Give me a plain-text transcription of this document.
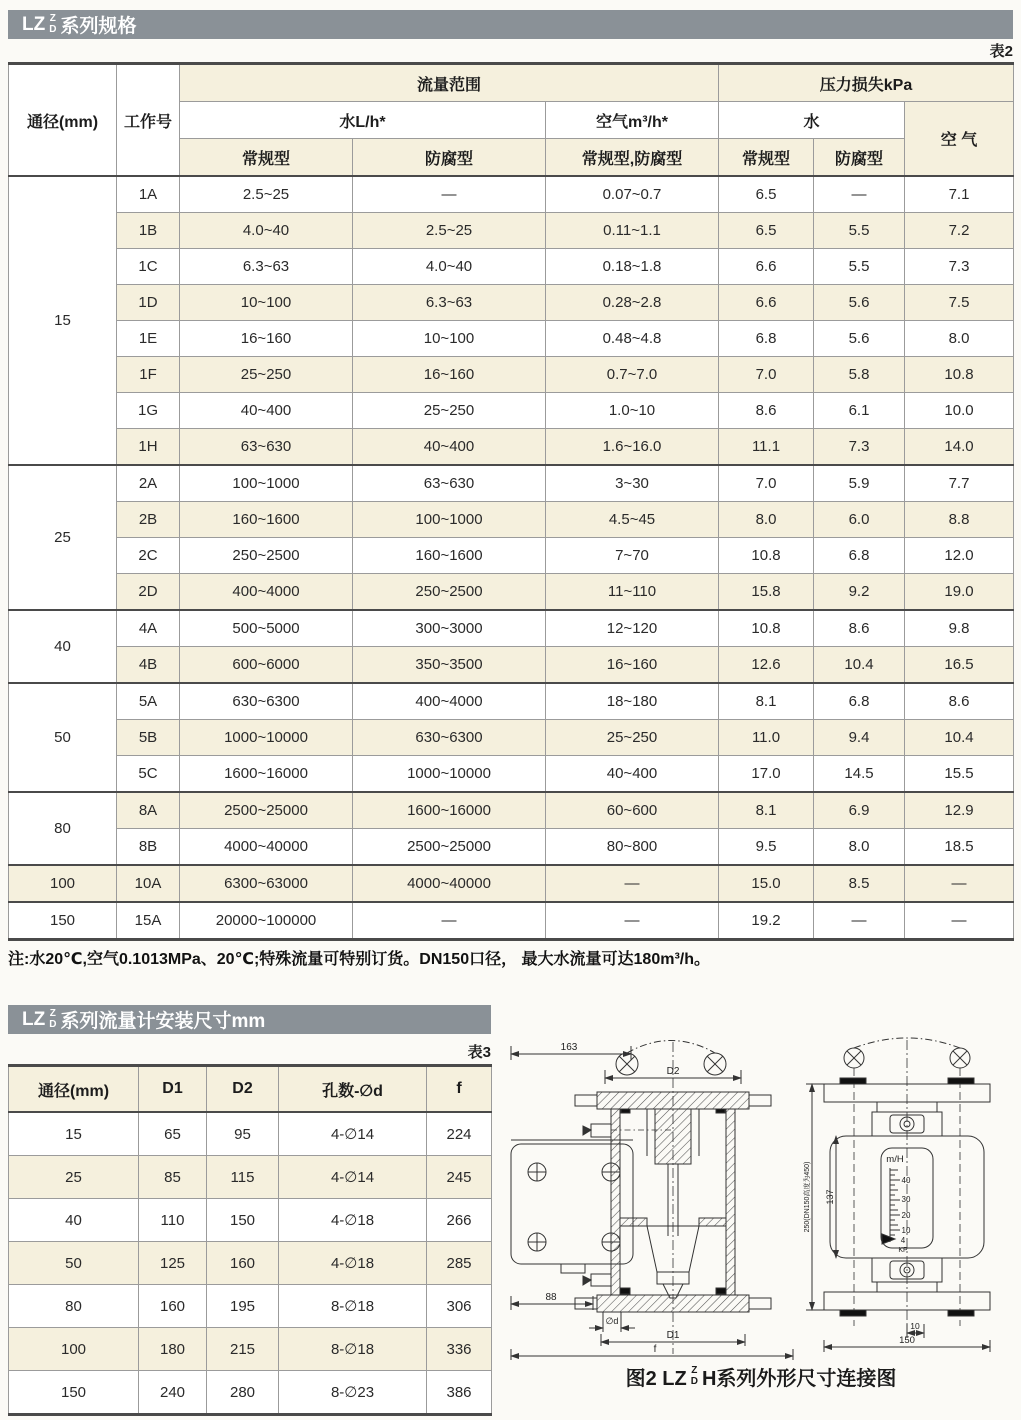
LZ Z
D 系列规格
表2
通径(mm)	工作号	流量范围			压力损失kPa		
		水L/h*		空气m³/h*	水		空 气
		常规型	防腐型	常规型,防腐型	常规型	防腐型	
15	1A	2.5~25	—	0.07~0.7	6.5	—	7.1
	1B	4.0~40	2.5~25	0.11~1.1	6.5	5.5	7.2
	1C	6.3~63	4.0~40	0.18~1.8	6.6	5.5	7.3
	1D	10~100	6.3~63	0.28~2.8	6.6	5.6	7.5
	1E	16~160	10~100	0.48~4.8	6.8	5.6	8.0
	1F	25~250	16~160	0.7~7.0	7.0	5.8	10.8
	1G	40~400	25~250	1.0~10	8.6	6.1	10.0
	1H	63~630	40~400	1.6~16.0	11.1	7.3	14.0
25	2A	100~1000	63~630	3~30	7.0	5.9	7.7
	2B	160~1600	100~1000	4.5~45	8.0	6.0	8.8
	2C	250~2500	160~1600	7~70	10.8	6.8	12.0
	2D	400~4000	250~2500	11~110	15.8	9.2	19.0
40	4A	500~5000	300~3000	12~120	10.8	8.6	9.8
	4B	600~6000	350~3500	16~160	12.6	10.4	16.5
50	5A	630~6300	400~4000	18~180	8.1	6.8	8.6
	5B	1000~10000	630~6300	25~250	11.0	9.4	10.4
	5C	1600~16000	1000~10000	40~400	17.0	14.5	15.5
80	8A	2500~25000	1600~16000	60~600	8.1	6.9	12.9
	8B	4000~40000	2500~25000	80~800	9.5	8.0	18.5
100	10A	6300~63000	4000~40000	—	15.0	8.5	—
150	15A	20000~100000	—	—	19.2	—	—
注:水20℃,空气0.1013MPa、20℃;特殊流量可特别订货。DN150口径， 最大水流量可达180m³/h。
LZ Z
D 系列流量计安装尺寸mm
表3
通径(mm)	D1	D2	孔数-∅d	f
15	65	95	4-∅14	224
25	85	115	4-∅14	245
40	110	150	4-∅18	266
50	125	160	4-∅18	285
80	160	195	8-∅18	306
100	180	215	8-∅18	336
150	240	280	8-∅23	386
163
D2
88
∅d
D1
f
m/H
40
30
20
10
4
KP
250(DN150高度为450) 137
10
150
图2 LZ Z
D H系列外形尺寸连接图
